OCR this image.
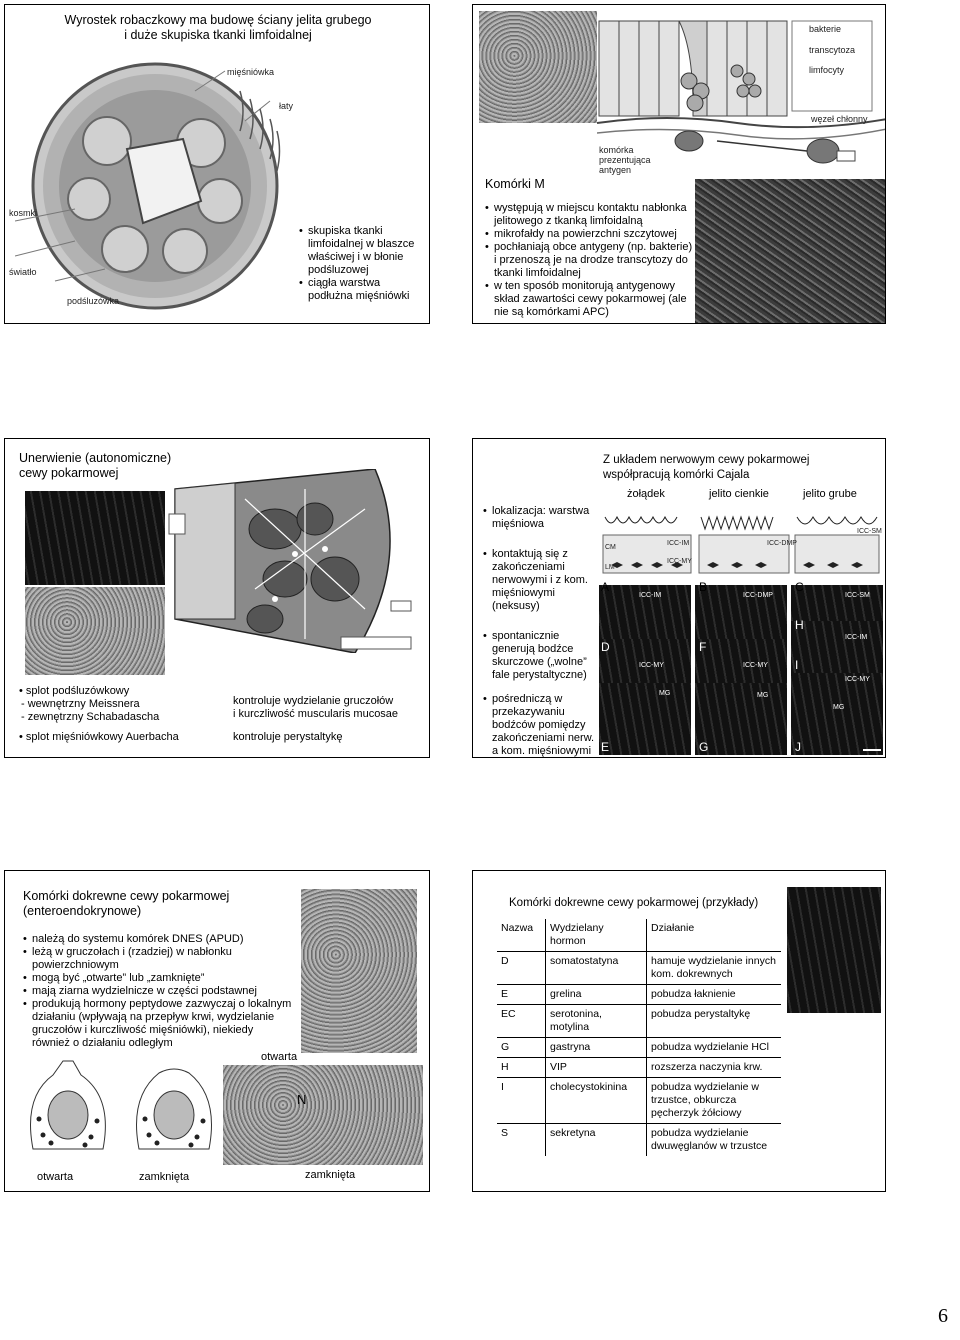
Wyrostek robaczkowy ma budowę ściany jelita grubego
i duże skupiska tkanki limfoidalnej
mięśniówka
łaty
kosmki
światło
podśluzówka
• skupiska tkanki limfoidalnej w blaszce właściwej i w błonie podśluzowej
• ciągła warstwa podłużna mięśniówki
bakterie
transcytoza
limfocyty
węzeł chłonny
komórka prezentująca antygen
Komórki M
• występują w miejscu kontaktu nabłonka jelitowego z tkanką limfoidalną
• mikrofałdy na powierzchni szczytowej
• pochłaniają obce antygeny (np. bakterie) i przenoszą je na drodze transcytozy do tkanki limfoidalnej
• w ten sposób monitorują antygenowy skład zawartości cewy pokarmowej (ale nie są komórkami APC)
Unerwienie (autonomiczne)
cewy pokarmowej
• splot podśluzówkowy
- wewnętrzny Meissnera
- zewnętrzny Schabadascha
kontroluje wydzielanie gruczołów
i kurczliwość muscularis mucosae
• splot mięśniówkowy Auerbacha	kontroluje perystaltykę
Z układem nerwowym cewy pokarmowej
współpracują komórki Cajala
żołądek	jelito cienkie	jelito grube
CM
LM
ICC-IM
ICC-MY
ICC-DMP
ICC-SM
A	B	C
D	F
H
I
E	G	J
ICC-IM	ICC-DMP	ICC-SM
ICC-IM
ICC-MY	ICC-MY
ICC-MY
MG	MG
MG
• lokalizacja: warstwa mięśniowa
• kontaktują się z zakończeniami nerwowymi i z kom. mięśniowymi (neksusy)
• spontanicznie generują bodźce skurczowe („wolne” fale perystaltyczne)
• pośredniczą w przekazywaniu bodźców pomiędzy zakończeniami nerw. a kom. mięśniowymi
Komórki dokrewne cewy pokarmowej
(enteroendokrynowe)
• należą do systemu komórek DNES (APUD)
• leżą w gruczołach i (rzadziej) w nabłonku powierzchniowym
• mogą być „otwarte” lub „zamknięte”
• mają ziarna wydzielnicze w części podstawnej
• produkują hormony peptydowe zazwyczaj o lokalnym działaniu (wpływają na przepływ krwi, wydzielanie gruczołów i kurczliwość mięśniówki), niekiedy również o działaniu odległym
otwarta
N
otwarta	zamknięta	zamknięta
Komórki dokrewne cewy pokarmowej (przykłady)
Nazwa	Wydzielany hormon	Działanie
D	somatostatyna	hamuje wydzielanie innych kom. dokrewnych
E	grelina	pobudza łaknienie
EC	serotonina, motylina	pobudza perystaltykę
G	gastryna	pobudza wydzielanie HCl
H	VIP	rozszerza naczynia krw.
I	cholecystokinina	pobudza wydzielanie w trzustce, obkurcza pęcherzyk żółciowy
S	sekretyna	pobudza wydzielanie dwuwęglanów w trzustce
6
